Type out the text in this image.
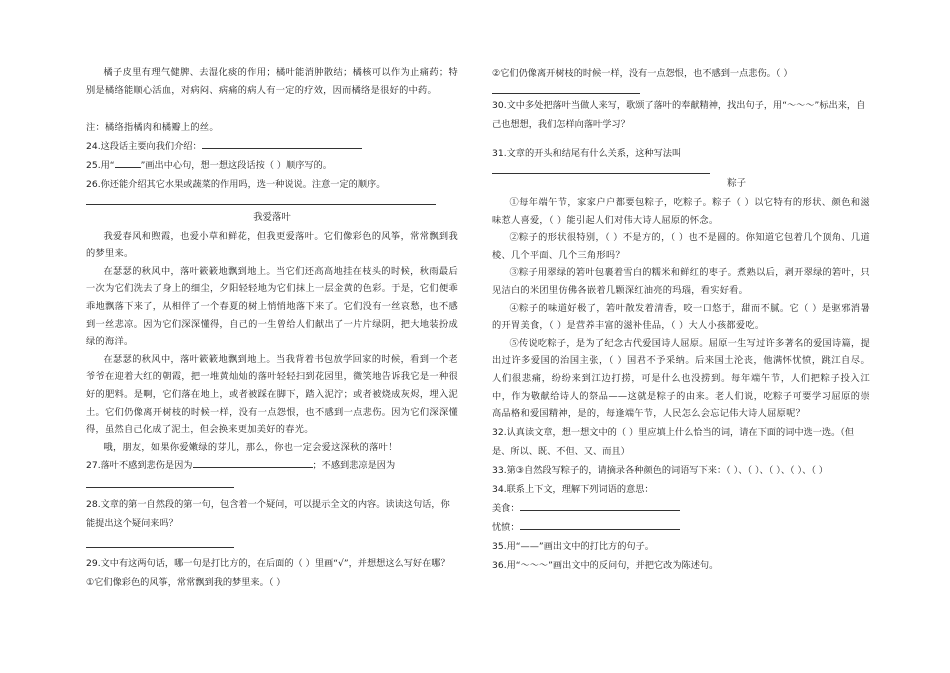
橘子皮里有理气健脾、去湿化痰的作用；橘叶能消肿散结；橘核可以作为止痛药；特别是橘络能顺心活血，对病闷、病痛的病人有一定的疗效，因而橘络是很好的中药。

注：橘络指橘肉和橘瓣上的丝。

24.这段话主要向我们介绍：

25.用“	”画出中心句，想一想这段话按（ ）顺序写的。

26.你还能介绍其它水果或蔬菜的作用吗，选一种说说。注意一定的顺序。

我爱落叶

我爱春风和煦霞，也爱小草和鲜花，但我更爱落叶。它们像彩色的风筝，常常飘到我的梦里来。

在瑟瑟的秋风中，落叶簌簌地飘到地上。当它们还高高地挂在枝头的时候，秋雨最后一次为它们洗去了身上的细尘，夕阳轻轻地为它们抹上一层金黄的色彩。于是，它们便乖乖地飘落下来了，从相伴了一个春夏的树上悄悄地落下来了。它们没有一丝哀愁，也不感到一丝悲凉。因为它们深深懂得，自己的一生曾给人们献出了一片片绿阴，把大地装扮成绿的海洋。

在瑟瑟的秋风中，落叶簌簌地飘到地上。当我背着书包放学回家的时候，看到一个老爷爷在迎着大红的朝霞，把一堆黄灿灿的落叶轻轻扫到花园里，微笑地告诉我它是一种很好的肥料。是啊，它们落在地上，或者被踩在脚下，踏入泥泞；或者被烧成灰烬，埋入泥土。它们仍像离开树枝的时候一样，没有一点怨恨，也不感到一点悲伤。因为它们深深懂得，虽然自己化成了泥土，但会换来更加美好的春光。

哦，朋友，如果你爱嫩绿的芽儿，那么，你也一定会爱这深秋的落叶！

27.落叶不感到悲伤是因为	；不感到悲凉是因为

28.文章的第一自然段的第一句，包含着一个疑问，可以提示全文的内容。读读这句话，你能提出这个疑问来吗？

29.文中有这两句话，哪一句是打比方的，在后面的（ ）里画“√”，并想想这么写好在哪？

①它们像彩色的风筝，常常飘到我的梦里来。（ ）

②它们仍像离开树枝的时候一样，没有一点怨恨，也不感到一点悲伤。（ ）

30.文中多处把落叶当做人来写，歌颂了落叶的奉献精神，找出句子，用“～～～”标出来，自己也想想，我们怎样向落叶学习？

31.文章的开头和结尾有什么关系，这种写法叫

粽子

①每年端午节，家家户户都要包粽子，吃粽子。粽子（ ）以它特有的形状、颜色和滋味惹人喜爱，（ ）能引起人们对伟大诗人屈原的怀念。

②粽子的形状很特别，（ ）不是方的，（ ）也不是圆的。你知道它包着几个顶角、几道棱、几个平面、几个三角形吗？

③粽子用翠绿的箬叶包裹着雪白的糯米和鲜红的枣子。煮熟以后，剥开翠绿的箬叶，只见洁白的米团里仿佛各嵌着几颗深红油亮的玛瑙，看实好看。

④粽子的味道好极了，箬叶散发着清香，咬一口悠于，甜而不腻。它（ ）是驱邪消暑的开胃美食，（ ）是营养丰富的滋补佳品，（ ）大人小孩都爱吃。

⑤传说吃粽子，是为了纪念古代爱国诗人屈原。屈原一生写过许多著名的爱国诗篇，提出过许多爱国的治国主张，（ ）国君不予采纳。后来国土沦丧，他满怀忧愤，跳江自尽。人们很悲痛，纷纷来到江边打捞，可是什么也没捞到。每年端午节，人们把粽子投入江中，作为敬献给诗人的祭品——这就是粽子的由来。老人们说，吃粽子可要学习屈原的崇高品格和爱国精神，是的，每逢端午节，人民怎么会忘记伟大诗人屈原呢？

32.认真读文章，想一想文中的（ ）里应填上什么恰当的词，请在下面的词中选一选。（但是、所以、既、不但、又、而且）

33.第③自然段写粽子的，请摘录各种颜色的词语写下来：（ ）、（ ）、（ ）、（ ）、（ ）

34.联系上下文，理解下列词语的意思：

美食：

忧愤：

35.用“——”画出文中的打比方的句子。

36.用“～～～”画出文中的反问句，并把它改为陈述句。
